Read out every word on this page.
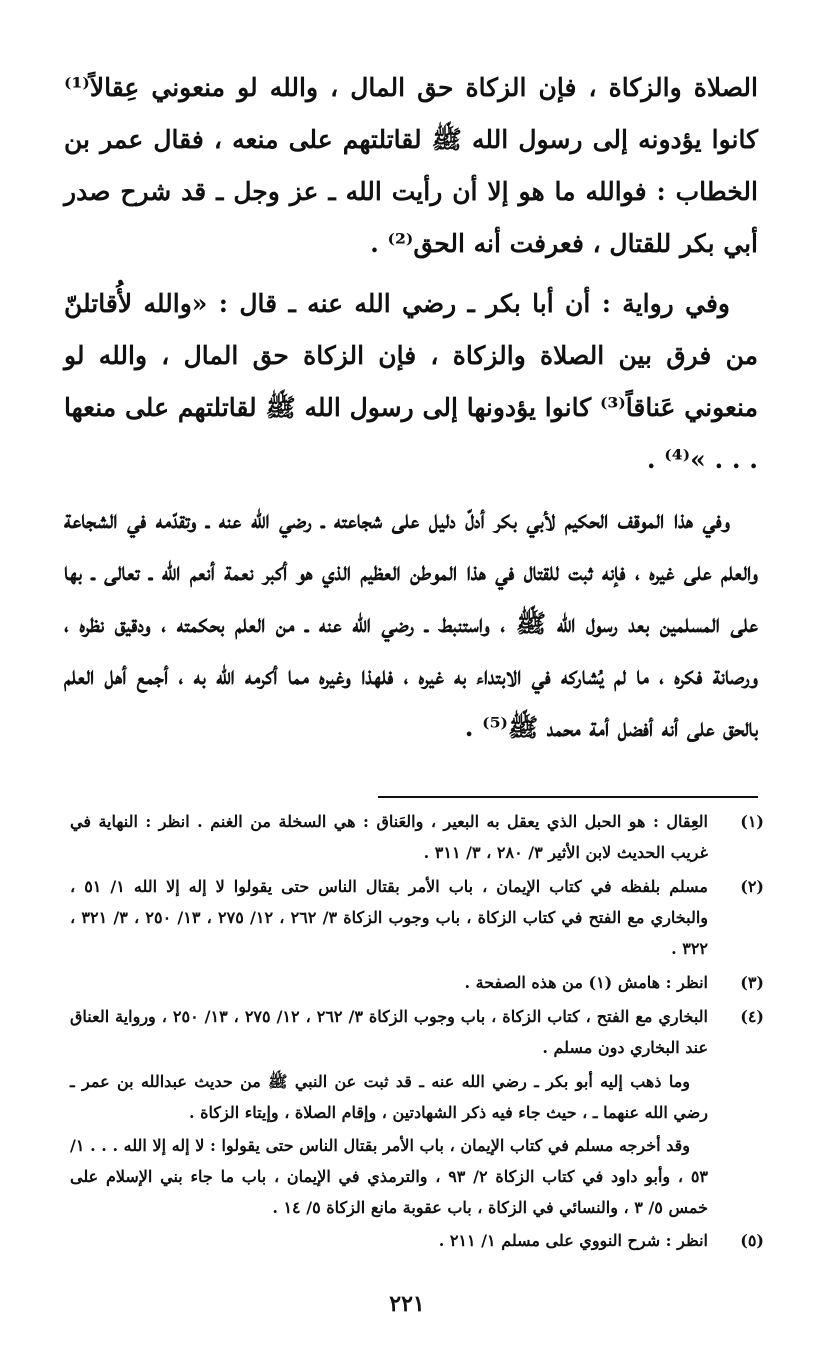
الصلاة والزكاة ، فإن الزكاة حق المال ، والله لو منعوني عِقالاً⁽¹⁾ كانوا يؤدونه إلى رسول الله ﷺ لقاتلتهم على منعه ، فقال عمر بن الخطاب : فوالله ما هو إلا أن رأيت الله ـ عز وجل ـ قد شرح صدر أبي بكر للقتال ، فعرفت أنه الحق⁽²⁾ .

وفي رواية : أن أبا بكر ـ رضي الله عنه ـ قال : «والله لأُقاتلنّ من فرق بين الصلاة والزكاة ، فإن الزكاة حق المال ، والله لو منعوني عَناقاً⁽³⁾ كانوا يؤدونها إلى رسول الله ﷺ لقاتلتهم على منعها . . . »⁽⁴⁾ .

وفي هذا الموقف الحكيم لأبي بكر أدلّ دليل على شجاعته ـ رضي الله عنه ـ وتقدّمه في الشجاعة والعلم على غيره ، فإنه ثبت للقتال في هذا الموطن العظيم الذي هو أكبر نعمة أنعم الله ـ تعالى ـ بها على المسلمين بعد رسول الله ﷺ ، واستنبط ـ رضي الله عنه ـ من العلم بحكمته ، ودقيق نظره ، ورصانة فكره ، ما لم يُشاركه في الابتداء به غيره ، فلهذا وغيره مما أكرمه الله به ، أجمع أهل العلم بالحق على أنه أفضل أمة محمد ﷺ⁽⁵⁾ .

(١)
العِقال : هو الحبل الذي يعقل به البعير ، والعَناق : هي السخلة من الغنم . انظر : النهاية في غريب الحديث لابن الأثير ٣/ ٢٨٠ ، ٣/ ٣١١ .
(٢)
مسلم بلفظه في كتاب الإيمان ، باب الأمر بقتال الناس حتى يقولوا لا إله إلا الله ١/ ٥١ ، والبخاري مع الفتح في كتاب الزكاة ، باب وجوب الزكاة ٣/ ٢٦٢ ، ١٢/ ٢٧٥ ، ١٣/ ٢٥٠ ، ٣/ ٣٢١ ، ٣٢٢ .
(٣)
انظر : هامش (١) من هذه الصفحة .
(٤)
البخاري مع الفتح ، كتاب الزكاة ، باب وجوب الزكاة ٣/ ٢٦٢ ، ١٢/ ٢٧٥ ، ١٣/ ٢٥٠ ، ورواية العناق عند البخاري دون مسلم .

وما ذهب إليه أبو بكر ـ رضي الله عنه ـ قد ثبت عن النبي ﷺ من حديث عبدالله بن عمر ـ رضي الله عنهما ـ ، حيث جاء فيه ذكر الشهادتين ، وإقام الصلاة ، وإيتاء الزكاة .

وقد أخرجه مسلم في كتاب الإيمان ، باب الأمر بقتال الناس حتى يقولوا : لا إله إلا الله . . . ١/ ٥٣ ، وأبو داود في كتاب الزكاة ٢/ ٩٣ ، والترمذي في الإيمان ، باب ما جاء بني الإسلام على خمس ٥/ ٣ ، والنسائي في الزكاة ، باب عقوبة مانع الزكاة ٥/ ١٤ .

(٥)
انظر : شرح النووي على مسلم ١/ ٢١١ .
٢٢١
